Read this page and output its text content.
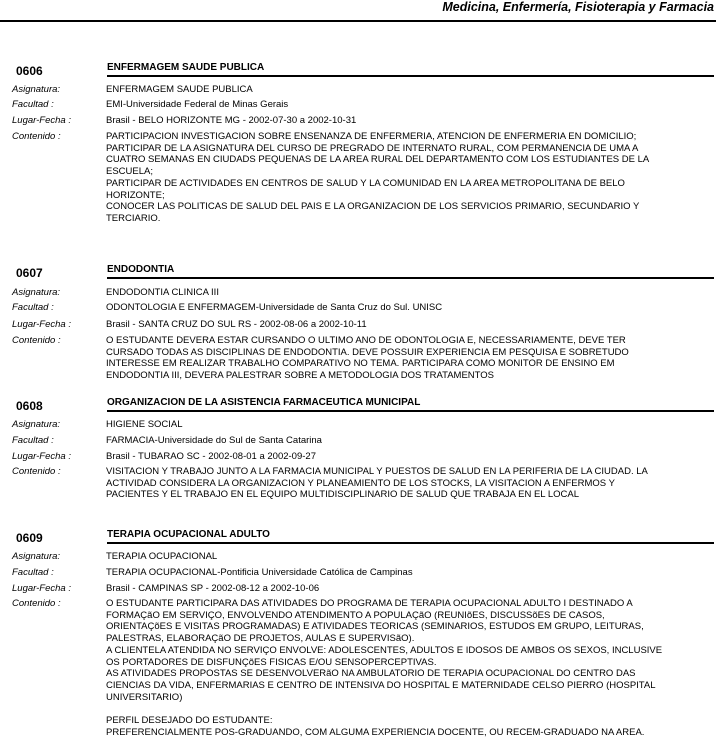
Medicina, Enfermería, Fisioterapia y Farmacia
0606	ENFERMAGEM SAUDE PUBLICA
Asignatura:	ENFERMAGEM SAUDE PUBLICA
Facultad :	EMI-Universidade Federal de Minas Gerais
Lugar-Fecha :	Brasil - BELO HORIZONTE MG - 2002-07-30 a 2002-10-31
Contenido :	PARTICIPACION INVESTIGACION SOBRE ENSENANZA DE ENFERMERIA, ATENCION DE ENFERMERIA EN DOMICILIO;
PARTICIPAR DE LA ASIGNATURA DEL CURSO DE PREGRADO DE INTERNATO RURAL, COM PERMANENCIA DE UMA A
CUATRO SEMANAS EN CIUDADS PEQUENAS DE LA AREA RURAL DEL DEPARTAMENTO COM LOS ESTUDIANTES DE LA
ESCUELA;
PARTICIPAR DE ACTIVIDADES EN CENTROS DE SALUD Y LA COMUNIDAD EN LA AREA METROPOLITANA DE BELO
HORIZONTE;
CONOCER LAS POLITICAS DE SALUD DEL PAIS E LA ORGANIZACION DE LOS SERVICIOS PRIMARIO, SECUNDARIO Y
TERCIARIO.
0607	ENDODONTIA
Asignatura:	ENDODONTIA CLINICA III
Facultad :	ODONTOLOGIA E ENFERMAGEM-Universidade de Santa Cruz do Sul. UNISC
Lugar-Fecha :	Brasil - SANTA CRUZ DO SUL RS - 2002-08-06 a 2002-10-11
Contenido :	O ESTUDANTE DEVERA ESTAR CURSANDO O ULTIMO ANO DE ODONTOLOGIA E, NECESSARIAMENTE, DEVE TER
CURSADO TODAS AS DISCIPLINAS DE ENDODONTIA. DEVE POSSUIR EXPERIENCIA EM PESQUISA E SOBRETUDO
INTERESSE EM REALIZAR TRABALHO COMPARATIVO NO TEMA. PARTICIPARA COMO MONITOR DE ENSINO EM
ENDODONTIA III, DEVERA PALESTRAR SOBRE A METODOLOGIA DOS TRATAMENTOS
0608	ORGANIZACION DE LA ASISTENCIA FARMACEUTICA MUNICIPAL
Asignatura:	HIGIENE SOCIAL
Facultad :	FARMACIA-Universidade do Sul de Santa Catarina
Lugar-Fecha :	Brasil - TUBARAO SC - 2002-08-01 a 2002-09-27
Contenido :	VISITACION Y TRABAJO JUNTO A LA FARMACIA MUNICIPAL Y PUESTOS DE SALUD EN LA PERIFERIA DE LA CIUDAD. LA
ACTIVIDAD CONSIDERA LA ORGANIZACION Y PLANEAMIENTO DE LOS STOCKS, LA VISITACION A ENFERMOS Y
PACIENTES Y EL TRABAJO EN EL EQUIPO MULTIDISCIPLINARIO DE SALUD QUE TRABAJA EN EL LOCAL
0609	TERAPIA OCUPACIONAL ADULTO
Asignatura:	TERAPIA OCUPACIONAL
Facultad :	TERAPIA OCUPACIONAL-Pontificia Universidade Católica de Campinas
Lugar-Fecha :	Brasil - CAMPINAS SP - 2002-08-12 a 2002-10-06
Contenido :	O ESTUDANTE PARTICIPARA DAS ATIVIDADES DO PROGRAMA DE TERAPIA OCUPACIONAL ADULTO I DESTINADO A
FORMAÇãO EM SERVIÇO, ENVOLVENDO ATENDIMENTO A POPULAÇãO (REUNIõES, DISCUSSõES DE CASOS,
ORIENTAÇõES E VISITAS PROGRAMADAS) E ATIVIDADES TEORICAS (SEMINARIOS, ESTUDOS EM GRUPO, LEITURAS,
PALESTRAS, ELABORAÇãO DE PROJETOS, AULAS E SUPERVISãO).
A CLIENTELA ATENDIDA NO SERVIÇO ENVOLVE: ADOLESCENTES, ADULTOS E IDOSOS DE AMBOS OS SEXOS, INCLUSIVE
OS PORTADORES DE DISFUNÇõES FISICAS E/OU SENSOPERCEPTIVAS.
AS ATIVIDADES PROPOSTAS SE DESENVOLVERãO NA AMBULATORIO DE TERAPIA OCUPACIONAL DO CENTRO DAS
CIENCIAS DA VIDA, ENFERMARIAS E CENTRO DE INTENSIVA DO HOSPITAL E MATERNIDADE CELSO PIERRO (HOSPITAL
UNIVERSITARIO)

PERFIL DESEJADO DO ESTUDANTE:
PREFERENCIALMENTE POS-GRADUANDO, COM ALGUMA EXPERIENCIA DOCENTE, OU RECEM-GRADUADO NA AREA.
